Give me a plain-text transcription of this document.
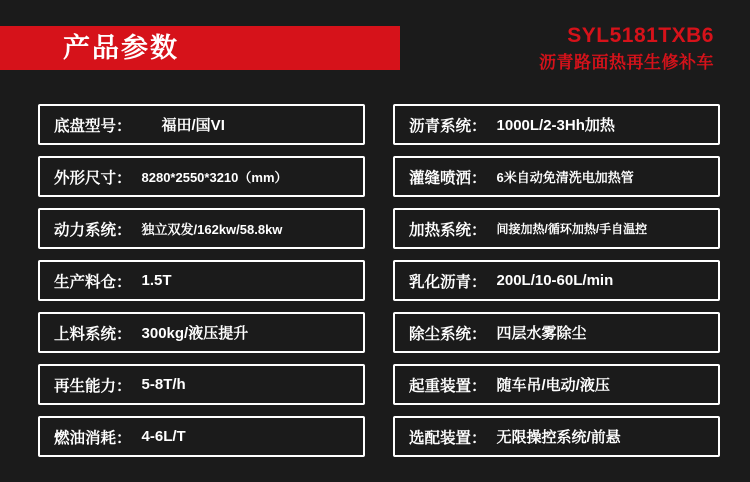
产品参数	SYL5181TXB6
沥青路面热再生修补车
底盘型号： 福田/国VI
外形尺寸： 8280*2550*3210（mm）
动力系统： 独立双发/162kw/58.8kw
生产料仓： 1.5T
上料系统： 300kg/液压提升
再生能力： 5-8T/h
燃油消耗： 4-6L/T
沥青系统： 1000L/2-3Hh加热
灌缝喷洒： 6米自动免清洗电加热管
加热系统： 间接加热/循环加热/手自温控
乳化沥青： 200L/10-60L/min
除尘系统： 四层水雾除尘
起重装置： 随车吊/电动/液压
选配装置： 无限操控系统/前悬
